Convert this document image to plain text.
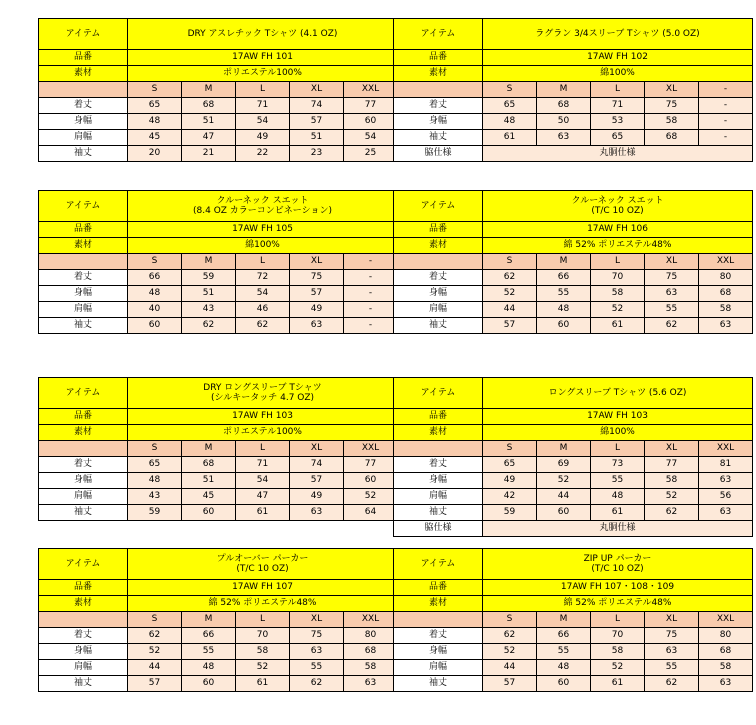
アイテム	DRY アスレチック Tシャツ (4.1 OZ)				

品番	17AW FH 101				
素材	ポリエステル100%				
	S	M	L	XL	XXL
着丈	65	68	71	74	77
身幅	48	51	54	57	60
肩幅	45	47	49	51	54
袖丈	20	21	22	23	25
アイテム	ラグラン 3/4スリーブ Tシャツ (5.0 OZ)				

品番	17AW FH 102				
素材	綿100%				
	S	M	L	XL	-
着丈	65	68	71	75	-
身幅	48	50	53	58	-
袖丈	61	63	65	68	-
脇仕様	丸胴仕様				
アイテム	クルーネック スエット
(8.4 OZ カラーコンビネーション)				

品番	17AW FH 105				
素材	綿100%				
	S	M	L	XL	-
着丈	66	59	72	75	-
身幅	48	51	54	57	-
肩幅	40	43	46	49	-
袖丈	60	62	62	63	-
アイテム	クルーネック スエット
(T/C 10 OZ)				

品番	17AW FH 106				
素材	綿 52% ポリエステル48%				
	S	M	L	XL	XXL
着丈	62	66	70	75	80
身幅	52	55	58	63	68
肩幅	44	48	52	55	58
袖丈	57	60	61	62	63
アイテム	DRY ロングスリーブ Tシャツ
(シルキータッチ 4.7 OZ)				

品番	17AW FH 103				
素材	ポリエステル100%				
	S	M	L	XL	XXL
着丈	65	68	71	74	77
身幅	48	51	54	57	60
肩幅	43	45	47	49	52
袖丈	59	60	61	63	64
アイテム	ロングスリーブ Tシャツ (5.6 OZ)				

品番	17AW FH 103				
素材	綿100%				
	S	M	L	XL	XXL
着丈	65	69	73	77	81
身幅	49	52	55	58	63
肩幅	42	44	48	52	56
袖丈	59	60	61	62	63
脇仕様	丸胴仕様				
アイテム	プルオーバー パーカー
(T/C 10 OZ)				

品番	17AW FH 107				
素材	綿 52% ポリエステル48%				
	S	M	L	XL	XXL
着丈	62	66	70	75	80
身幅	52	55	58	63	68
肩幅	44	48	52	55	58
袖丈	57	60	61	62	63
アイテム	ZIP UP パーカー
(T/C 10 OZ)				

品番	17AW FH 107・108・109				
素材	綿 52% ポリエステル48%				
	S	M	L	XL	XXL
着丈	62	66	70	75	80
身幅	52	55	58	63	68
肩幅	44	48	52	55	58
袖丈	57	60	61	62	63
